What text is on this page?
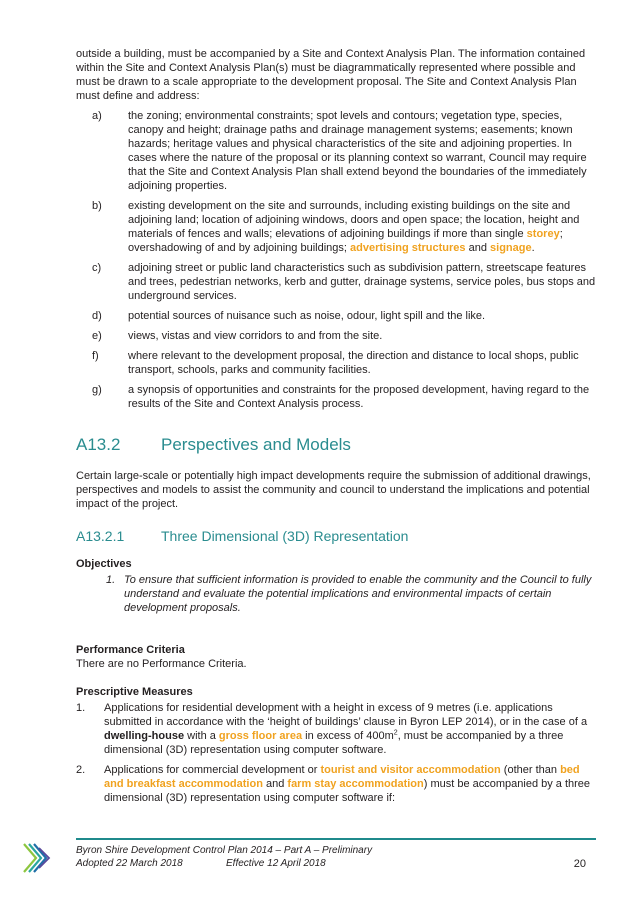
outside a building, must be accompanied by a Site and Context Analysis Plan. The information contained within the Site and Context Analysis Plan(s) must be diagrammatically represented where possible and must be drawn to a scale appropriate to the development proposal. The Site and Context Analysis Plan must define and address:

a)	the zoning; environmental constraints; spot levels and contours; vegetation type, species, canopy and height; drainage paths and drainage management systems; easements; known hazards; heritage values and physical characteristics of the site and adjoining properties. In cases where the nature of the proposal or its planning context so warrant, Council may require that the Site and Context Analysis Plan shall extend beyond the boundaries of the immediately adjoining properties.
b)	existing development on the site and surrounds, including existing buildings on the site and adjoining land; location of adjoining windows, doors and open space; the location, height and materials of fences and walls; elevations of adjoining buildings if more than single storey; overshadowing of and by adjoining buildings; advertising structures and signage.
c)	adjoining street or public land characteristics such as subdivision pattern, streetscape features and trees, pedestrian networks, kerb and gutter, drainage systems, service poles, bus stops and underground services.
d)	potential sources of nuisance such as noise, odour, light spill and the like.
e)	views, vistas and view corridors to and from the site.
f)	where relevant to the development proposal, the direction and distance to local shops, public transport, schools, parks and community facilities.
g)	a synopsis of opportunities and constraints for the proposed development, having regard to the results of the Site and Context Analysis process.
A13.2	Perspectives and Models

Certain large-scale or potentially high impact developments require the submission of additional drawings, perspectives and models to assist the community and council to understand the implications and potential impact of the project.

A13.2.1	Three Dimensional (3D) Representation

Objectives

1. To ensure that sufficient information is provided to enable the community and the Council to fully understand and evaluate the potential implications and environmental impacts of certain development proposals.

Performance Criteria

There are no Performance Criteria.

Prescriptive Measures

1.	Applications for residential development with a height in excess of 9 metres (i.e. applications submitted in accordance with the ‘height of buildings’ clause in Byron LEP 2014), or in the case of a dwelling-house with a gross floor area in excess of $400m^2$, must be accompanied by a three dimensional (3D) representation using computer software.
2.	Applications for commercial development or tourist and visitor accommodation (other than bed and breakfast accommodation and farm stay accommodation) must be accompanied by a three dimensional (3D) representation using computer software if:
Byron Shire Development Control Plan 2014 – Part A – Preliminary
Adopted 22 March 2018	Effective 12 April 2018	20
